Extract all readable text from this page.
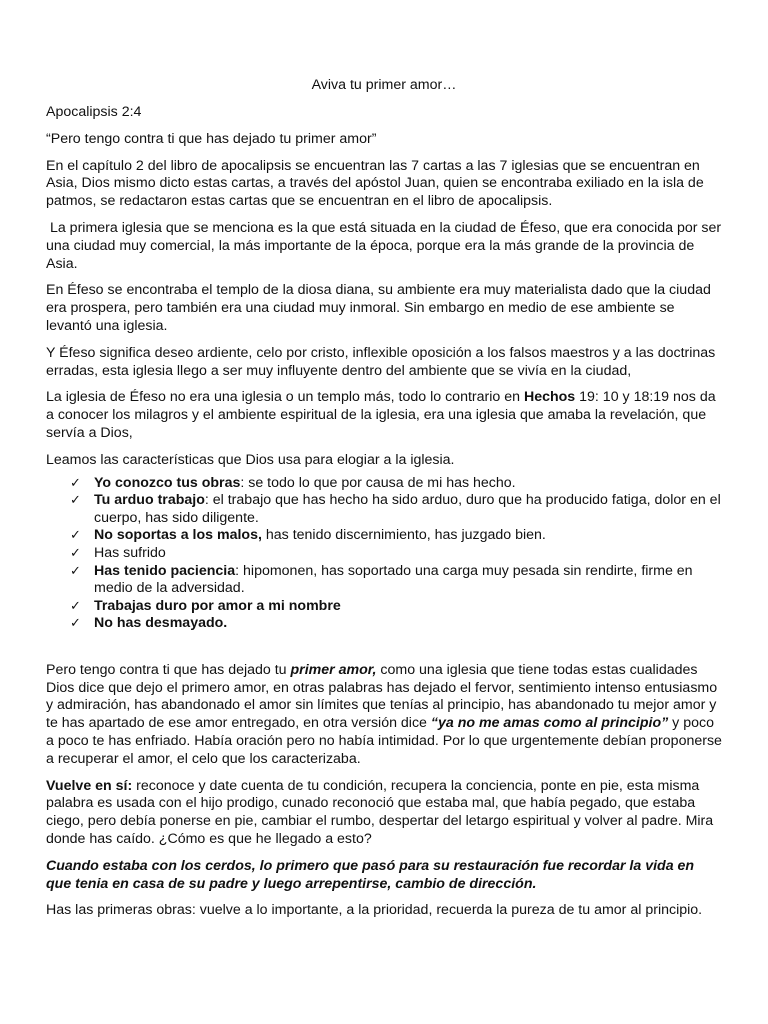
Aviva tu primer amor…
Apocalipsis 2:4
“Pero tengo contra ti que has dejado tu primer amor”
En el capítulo 2 del libro de apocalipsis se encuentran las 7 cartas a las 7 iglesias que se encuentran en Asia, Dios mismo dicto estas cartas, a través del apóstol Juan, quien se encontraba exiliado en la isla de patmos, se redactaron estas cartas que se encuentran en el libro de apocalipsis.
La primera iglesia que se menciona es la que está situada en la ciudad de Éfeso, que era conocida por ser una ciudad muy comercial, la más importante de la época, porque era la más grande de la provincia de Asia.
En Éfeso se encontraba el templo de la diosa diana, su ambiente era muy materialista dado que la ciudad era prospera, pero también era una ciudad muy inmoral. Sin embargo en medio de ese ambiente se levantó una iglesia.
Y Éfeso significa deseo ardiente, celo por cristo, inflexible oposición a los falsos maestros y a las doctrinas erradas, esta iglesia llego a ser muy influyente dentro del ambiente que se vivía en la ciudad,
La iglesia de Éfeso no era una iglesia o un templo más, todo lo contrario en Hechos 19: 10 y 18:19 nos da a conocer los milagros y el ambiente espiritual de la iglesia, era una iglesia que amaba la revelación, que servía a Dios,
Leamos las características que Dios usa para elogiar a la iglesia.
✓ Yo conozco tus obras: se todo lo que por causa de mi has hecho.
✓ Tu arduo trabajo: el trabajo que has hecho ha sido arduo, duro que ha producido fatiga, dolor en el cuerpo, has sido diligente.
✓ No soportas a los malos, has tenido discernimiento, has juzgado bien.
✓ Has sufrido
✓ Has tenido paciencia: hipomonen, has soportado una carga muy pesada sin rendirte, firme en medio de la adversidad.
✓ Trabajas duro por amor a mi nombre
✓ No has desmayado.
Pero tengo contra ti que has dejado tu primer amor, como una iglesia que tiene todas estas cualidades Dios dice que dejo el primero amor, en otras palabras has dejado el fervor, sentimiento intenso entusiasmo y admiración, has abandonado el amor sin límites que tenías al principio, has abandonado tu mejor amor y te has apartado de ese amor entregado, en otra versión dice “ya no me amas como al principio” y poco a poco te has enfriado. Había oración pero no había intimidad. Por lo que urgentemente debían proponerse a recuperar el amor, el celo que los caracterizaba.
Vuelve en sí: reconoce y date cuenta de tu condición, recupera la conciencia, ponte en pie, esta misma palabra es usada con el hijo prodigo, cunado reconoció que estaba mal, que había pegado, que estaba ciego, pero debía ponerse en pie, cambiar el rumbo, despertar del letargo espiritual y volver al padre. Mira donde has caído. ¿Cómo es que he llegado a esto?
Cuando estaba con los cerdos, lo primero que pasó para su restauración fue recordar la vida en que tenia en casa de su padre y luego arrepentirse, cambio de dirección.
Has las primeras obras: vuelve a lo importante, a la prioridad, recuerda la pureza de tu amor al principio.
